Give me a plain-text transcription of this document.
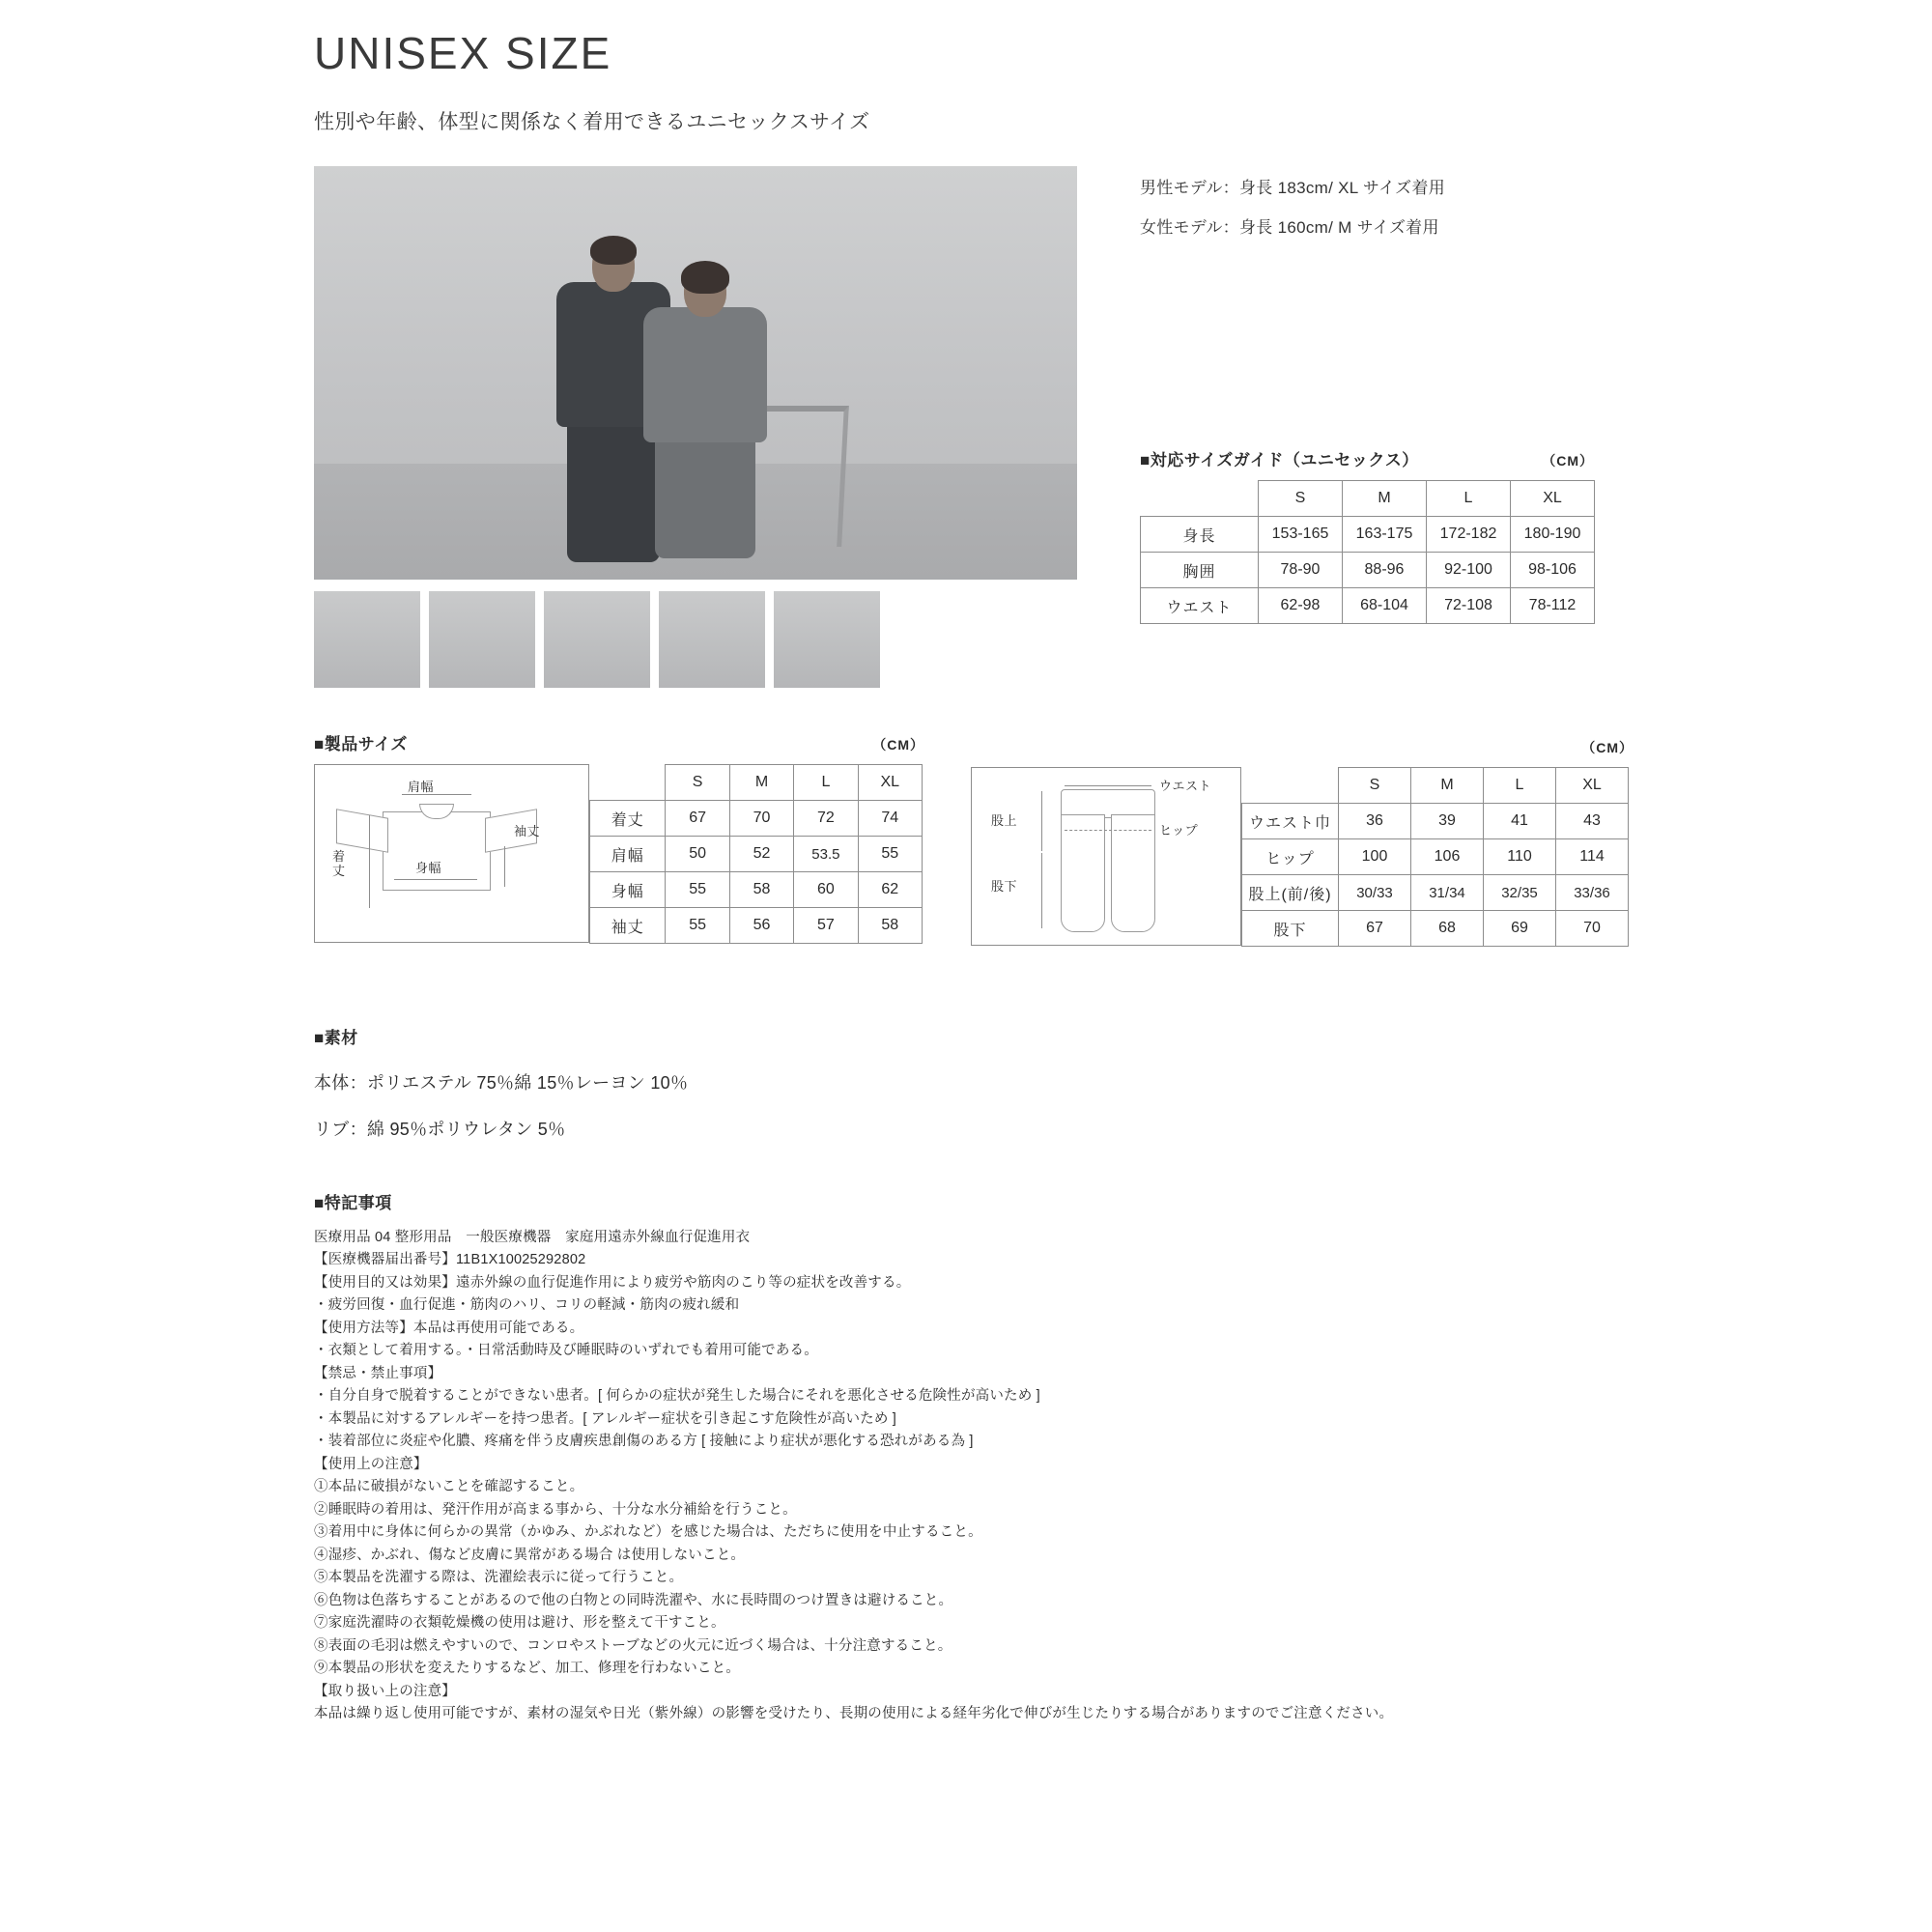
UNISEX SIZE

性別や年齢、体型に関係なく着用できるユニセックスサイズ

男性モデル：身長 183cm/ XL サイズ着用
女性モデル：身長 160cm/ M サイズ着用
■対応サイズガイド（ユニセックス）	（CM）
	S	M	L	XL
身長	153-165	163-175	172-182	180-190
胸囲	78-90	88-96	92-100	98-106
ウエスト	62-98	68-104	72-108	78-112
■製品サイズ	（CM）
肩幅
袖丈
着丈	身幅
	S	M	L	XL
着丈	67	70	72	74
肩幅	50	52	53.5	55
身幅	55	58	60	62
袖丈	55	56	57	58
（CM）
ウエスト
ヒップ
股上
股下
	S	M	L	XL
ウエスト巾	36	39	41	43
ヒップ	100	106	110	114
股上(前/後)	30/33	31/34	32/35	33/36
股下	67	68	69	70
■素材
本体：ポリエステル 75％綿 15％レーヨン 10％
リブ：綿 95％ポリウレタン 5％
■特記事項
医療用品 04 整形用品　一般医療機器　家庭用遠赤外線血行促進用衣
【医療機器届出番号】11B1X10025292802
【使用目的又は効果】遠赤外線の血行促進作用により疲労や筋肉のこり等の症状を改善する。
・疲労回復・血行促進・筋肉のハリ、コリの軽減・筋肉の疲れ緩和
【使用方法等】本品は再使用可能である。
・衣類として着用する。・日常活動時及び睡眠時のいずれでも着用可能である。
【禁忌・禁止事項】
・自分自身で脱着することができない患者。[ 何らかの症状が発生した場合にそれを悪化させる危険性が高いため ]
・本製品に対するアレルギーを持つ患者。[ アレルギー症状を引き起こす危険性が高いため ]
・装着部位に炎症や化膿、疼痛を伴う皮膚疾患創傷のある方 [ 接触により症状が悪化する恐れがある為 ]
【使用上の注意】
①本品に破損がないことを確認すること。
②睡眠時の着用は、発汗作用が高まる事から、十分な水分補給を行うこと。
③着用中に身体に何らかの異常（かゆみ、かぶれなど）を感じた場合は、ただちに使用を中止すること。
④湿疹、かぶれ、傷など皮膚に異常がある場合 は使用しないこと。
⑤本製品を洗濯する際は、洗濯絵表示に従って行うこと。
⑥色物は色落ちすることがあるので他の白物との同時洗濯や、水に長時間のつけ置きは避けること。
⑦家庭洗濯時の衣類乾燥機の使用は避け、形を整えて干すこと。
⑧表面の毛羽は燃えやすいので、コンロやストーブなどの火元に近づく場合は、十分注意すること。
⑨本製品の形状を変えたりするなど、加工、修理を行わないこと。
【取り扱い上の注意】
本品は繰り返し使用可能ですが、素材の湿気や日光（紫外線）の影響を受けたり、長期の使用による経年劣化で伸びが生じたりする場合がありますのでご注意ください。
